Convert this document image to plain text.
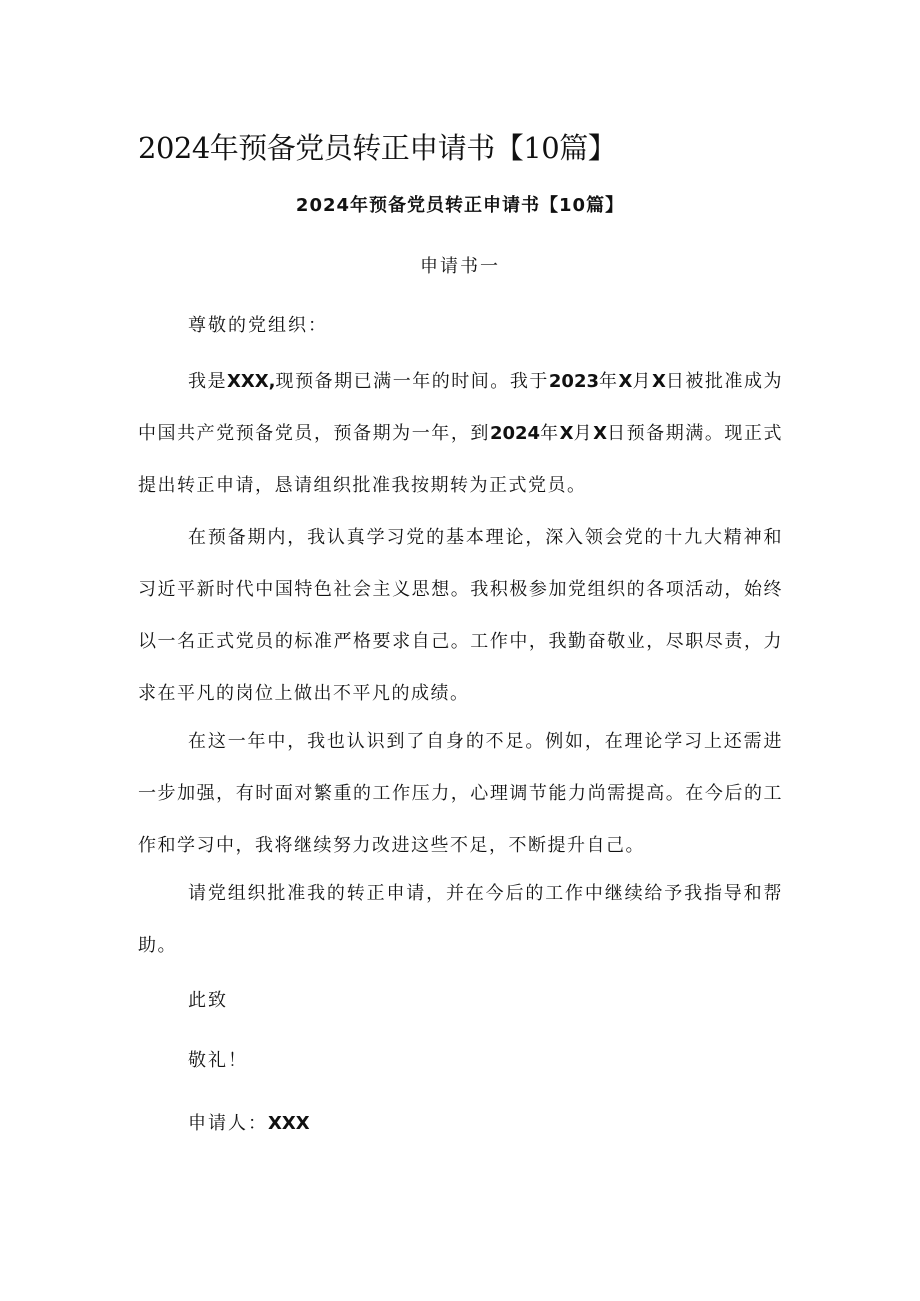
2024年预备党员转正申请书【10篇】
2024年预备党员转正申请书【10篇】
申请书一
尊敬的党组织：

我是XXX,现预备期已满一年的时间。我于2023年X月X日被批准成为中国共产党预备党员，预备期为一年，到2024年X月X日预备期满。现正式提出转正申请，恳请组织批准我按期转为正式党员。

在预备期内，我认真学习党的基本理论，深入领会党的十九大精神和习近平新时代中国特色社会主义思想。我积极参加党组织的各项活动，始终以一名正式党员的标准严格要求自己。工作中，我勤奋敬业，尽职尽责，力求在平凡的岗位上做出不平凡的成绩。

在这一年中，我也认识到了自身的不足。例如，在理论学习上还需进一步加强，有时面对繁重的工作压力，心理调节能力尚需提高。在今后的工作和学习中，我将继续努力改进这些不足，不断提升自己。

请党组织批准我的转正申请，并在今后的工作中继续给予我指导和帮助。

此致
敬礼！
申请人：XXX
